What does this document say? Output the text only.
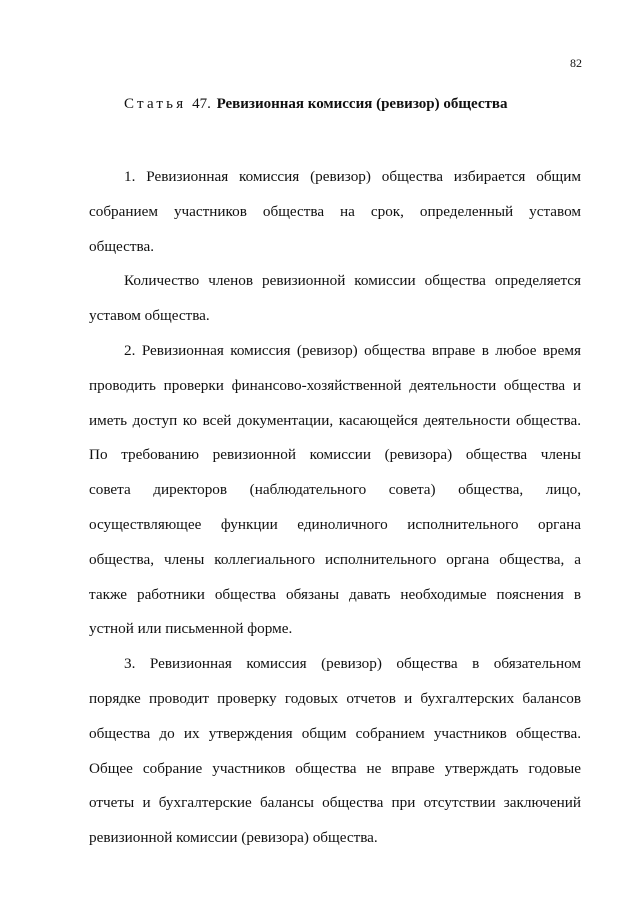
82
Статья 47. Ревизионная комиссия (ревизор) общества
1. Ревизионная комиссия (ревизор) общества избирается общим
собранием участников общества на срок, определенный уставом
общества.
Количество членов ревизионной комиссии общества определяется
уставом общества.
2. Ревизионная комиссия (ревизор) общества вправе в любое время
проводить проверки финансово-хозяйственной деятельности общества и
иметь доступ ко всей документации, касающейся деятельности общества.
По требованию ревизионной комиссии (ревизора) общества члены
совета директоров (наблюдательного совета) общества, лицо,
осуществляющее функции единоличного исполнительного органа
общества, члены коллегиального исполнительного органа общества, а
также работники общества обязаны давать необходимые пояснения в
устной или письменной форме.
3. Ревизионная комиссия (ревизор) общества в обязательном
порядке проводит проверку годовых отчетов и бухгалтерских балансов
общества до их утверждения общим собранием участников общества.
Общее собрание участников общества не вправе утверждать годовые
отчеты и бухгалтерские балансы общества при отсутствии заключений
ревизионной комиссии (ревизора) общества.
